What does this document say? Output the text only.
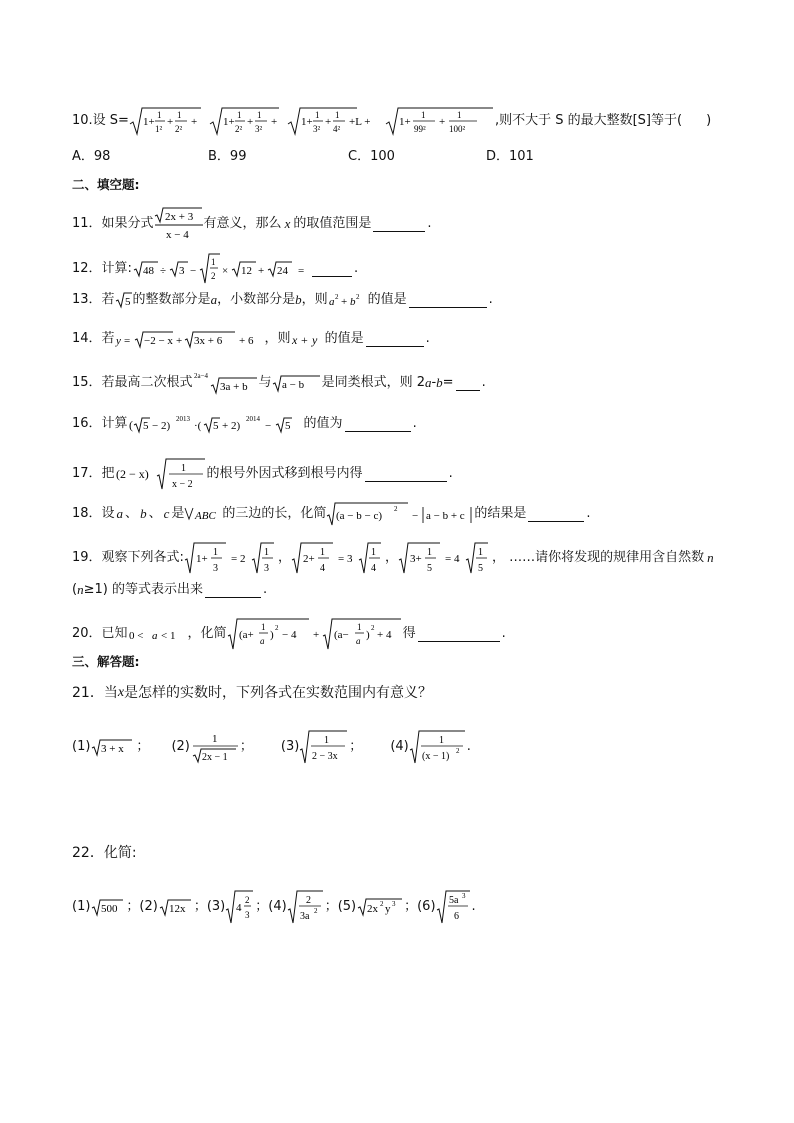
10.设 S= 1+
1
1²
+
1
2²
+ 1+
1
2²
+
1
3²
+ 1+
1
3²
+
1
4²
+L +	1+
1
99²
+
1
100²
,则不大于 S 的最大整数[S]等于( )
A．98	B．99	C．100	D．101
二、填空题:
11．如果分式 2x + 3
x − 4
有意义，那么 x 的取值范围是	.
12．计算: 48 ÷ 3 −
1
2 × 12 + 24 =	.
13．若 5 的整数部分是 a ，小数部分是 b ，则 a 2 + b 2 的值是	.
14．若 y = −2 − x + 3x + 6 + 6 ，则 x + y 的值是	.
15．若最高二次根式 2a−4
3a + b 与 a − b 是同类根式，则 2 a - b = .
16．计算 ( 5 − 2)
2013
·( 5 + 2)
2014
− 5 的值为	.
17．把 (2 − x)	1
x − 2
的根号外因式移到根号内得	.
18．设 a 、 b 、 c 是 ABC 的三边的长，化简 (a − b − c)
2
− a − b + c 的结果是	.
19．观察下列各式: 1+
1
3
= 2
1
3
， 2+
1
4
= 3
1
4
， 3+
1
5
= 4
1
5
， ……请你将发现的规律用含自然数 n
( n ≥1) 的等式表示出来	.
20．已知 0 < a < 1 ，化简 (a+
1
a )
2
− 4 + (a−
1
a )
2
+ 4 得	.
三、解答题:
21．当 x 是怎样的实数时，下列各式在实数范围内有意义？
(1) 3 + x ； (2) 1
2x − 1
； (3)	1
2 − 3x
； (4)	1
(x − 1) 2 .
22．化简:
(1) 500 ；(2) 12x ；(3) 4
2
3
；(4) 2
3a 2 ；(5) 2x 2 y 3 ；(6) 5a 3
6
.
